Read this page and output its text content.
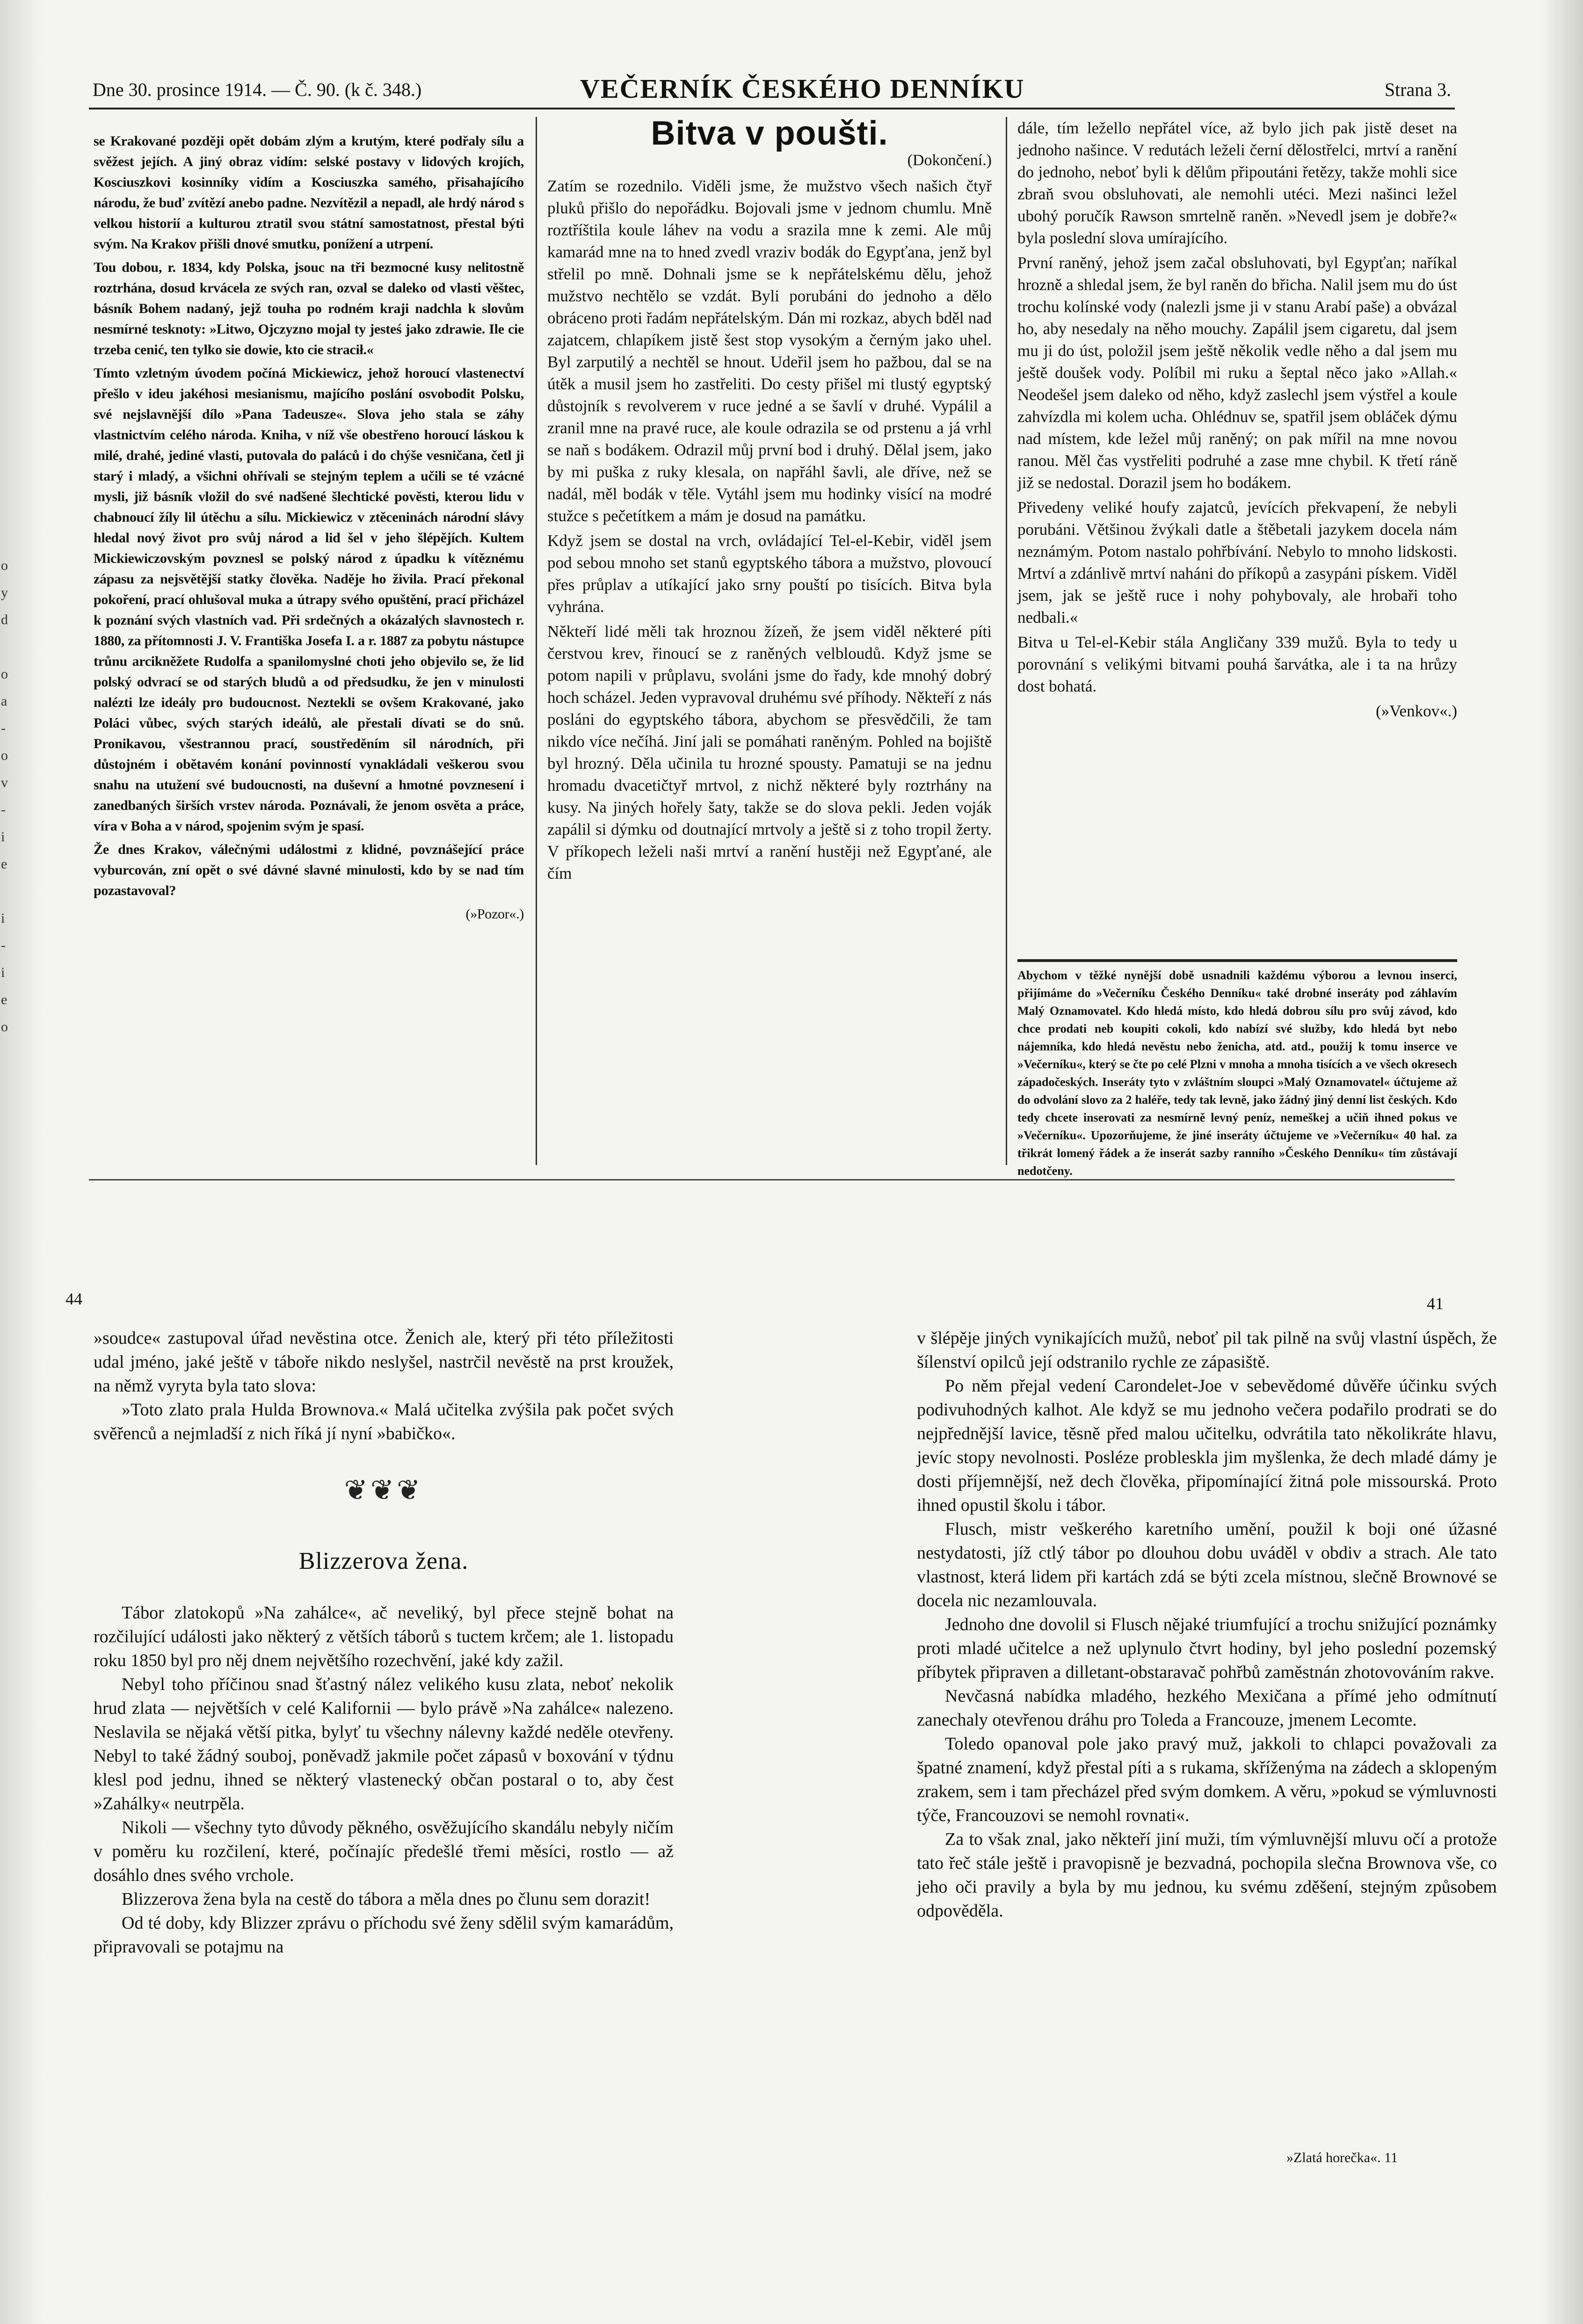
o
y
d

o
a
-
o
v
-
i
e

i
-
i
e
o
Dne 30. prosince 1914. — Č. 90. (k č. 348.)	VEČERNÍK ČESKÉHO DENNÍKU	Strana 3.

se Krakované později opět dobám zlým a krutým, které podřaly sílu a svěžest jejích. A jiný obraz vidím: selské postavy v lidových krojích, Kosciuszkovi kosinníky vidím a Kosciuszka samého, přisahajícího národu, že buď zvítězí anebo padne. Nezvítězil a nepadl, ale hrdý národ s velkou historií a kulturou ztratil svou státní samostatnost, přestal býti svým. Na Krakov přišli dnové smutku, ponížení a utrpení.

Tou dobou, r. 1834, kdy Polska, jsouc na tři bezmocné kusy nelitostně roztrhána, dosud krvácela ze svých ran, ozval se daleko od vlasti věštec, básník Bohem nadaný, jejž touha po rodném kraji nadchla k slovům nesmírné tesknoty: »Litwo, Ojczyzno mojal ty jesteś jako zdrawie. Ile cie trzeba cenić, ten tylko sie dowie, kto cie stracił.«

Tímto vzletným úvodem počíná Mickiewicz, jehož horoucí vlastenectví přešlo v ideu jakéhosi mesianismu, majícího poslání osvobodit Polsku, své nejslavnější dílo »Pana Tadeusze«. Slova jeho stala se záhy vlastnictvím celého národa. Kniha, v níž vše obestřeno horoucí láskou k milé, drahé, jediné vlasti, putovala do paláců i do chýše vesničana, četl ji starý i mladý, a všichni ohřívali se stejným teplem a učili se té vzácné mysli, již básník vložil do své nadšené šlechtické pověsti, kterou lidu v chabnoucí žíly lil útěchu a sílu. Mickiewicz v ztěceninách národní slávy hledal nový život pro svůj národ a lid šel v jeho šlépějích. Kultem Mickiewiczovským povznesl se polský národ z úpadku k vítěznému zápasu za nejsvětější statky člověka. Naděje ho živila. Prací překonal pokoření, prací ohlušoval muka a útrapy svého opuštění, prací přicházel k poznání svých vlastních vad. Při srdečných a okázalých slavnostech r. 1880, za přítomnosti J. V. Františka Josefa I. a r. 1887 za pobytu nástupce trůnu arcikněžete Rudolfa a spanilomyslné choti jeho objevilo se, že lid polský odvrací se od starých bludů a od předsudku, že jen v minulosti nalézti lze ideály pro budoucnost. Neztekli se ovšem Krakované, jako Poláci vůbec, svých starých ideálů, ale přestali dívati se do snů. Pronikavou, všestrannou prací, soustředěním sil národních, při důstojném i obětavém konání povinností vynakládali veškerou svou snahu na utužení své budoucnosti, na duševní a hmotné povznesení i zanedbaných širších vrstev národa. Poznávali, že jenom osvěta a práce, víra v Boha a v národ, spojenim svým je spasí.

Že dnes Krakov, válečnými událostmi z klidné, povznášející práce vyburcován, zní opět o své dávné slavné minulosti, kdo by se nad tím pozastavoval?

(»Pozor«.)

Bitva v poušti.
(Dokončení.)

Zatím se rozednilo. Viděli jsme, že mužstvo všech našich čtyř pluků přišlo do nepořádku. Bojovali jsme v jednom chumlu. Mně roztříštila koule láhev na vodu a srazila mne k zemi. Ale můj kamarád mne na to hned zvedl vraziv bodák do Egypťana, jenž byl střelil po mně. Dohnali jsme se k nepřátelskému dělu, jehož mužstvo nechtělo se vzdát. Byli porubáni do jednoho a dělo obráceno proti řadám nepřátelským. Dán mi rozkaz, abych bděl nad zajatcem, chlapíkem jistě šest stop vysokým a černým jako uhel. Byl zarputilý a nechtěl se hnout. Udeřil jsem ho pažbou, dal se na útěk a musil jsem ho zastřeliti. Do cesty přišel mi tlustý egyptský důstojník s revolverem v ruce jedné a se šavlí v druhé. Vypálil a zranil mne na pravé ruce, ale koule odrazila se od prstenu a já vrhl se naň s bodákem. Odrazil můj první bod i druhý. Dělal jsem, jako by mi puška z ruky klesala, on napřáhl šavli, ale dříve, než se nadál, měl bodák v těle. Vytáhl jsem mu hodinky visící na modré stužce s pečetítkem a mám je dosud na památku.

Když jsem se dostal na vrch, ovládající Tel-el-Kebir, viděl jsem pod sebou mnoho set stanů egyptského tábora a mužstvo, plovoucí přes průplav a utíkající jako srny pouští po tisících. Bitva byla vyhrána.

Někteří lidé měli tak hroznou žízeň, že jsem viděl některé píti čerstvou krev, řinoucí se z raněných velbloudů. Když jsme se potom napili v průplavu, svoláni jsme do řady, kde mnohý dobrý hoch scházel. Jeden vypravoval druhému své příhody. Někteří z nás posláni do egyptského tábora, abychom se přesvědčili, že tam nikdo více nečíhá. Jiní jali se pomáhati raněným. Pohled na bojiště byl hrozný. Děla učinila tu hrozné spousty. Pamatuji se na jednu hromadu dvacetičtyř mrtvol, z nichž některé byly roztrhány na kusy. Na jiných hořely šaty, takže se do slova pekli. Jeden voják zapálil si dýmku od doutnající mrtvoly a ještě si z toho tropil žerty. V příkopech leželi naši mrtví a ranění hustěji než Egypťané, ale čím

dále, tím ležello nepřátel více, až bylo jich pak jistě deset na jednoho našince. V redutách leželi černí dělostřelci, mrtví a ranění do jednoho, neboť byli k dělům připoutáni řetězy, takže mohli sice zbraň svou obsluhovati, ale nemohli utéci. Mezi našinci ležel ubohý poručík Rawson smrtelně raněn. »Nevedl jsem je dobře?« byla poslední slova umírajícího.

První raněný, jehož jsem začal obsluhovati, byl Egypťan; naříkal hrozně a shledal jsem, že byl raněn do břicha. Nalil jsem mu do úst trochu kolínské vody (nalezli jsme ji v stanu Arabí paše) a obvázal ho, aby nesedaly na něho mouchy. Zapálil jsem cigaretu, dal jsem mu ji do úst, položil jsem ještě několik vedle něho a dal jsem mu ještě doušek vody. Políbil mi ruku a šeptal něco jako »Allah.« Neodešel jsem daleko od něho, když zaslechl jsem výstřel a koule zahvízdla mi kolem ucha. Ohlédnuv se, spatřil jsem obláček dýmu nad místem, kde ležel můj raněný; on pak mířil na mne novou ranou. Měl čas vystřeliti podruhé a zase mne chybil. K třetí ráně již se nedostal. Dorazil jsem ho bodákem.

Přivedeny veliké houfy zajatců, jevících překvapení, že nebyli porubáni. Většinou žvýkali datle a štěbetali jazykem docela nám neznámým. Potom nastalo pohřbívání. Nebylo to mnoho lidskosti. Mrtví a zdánlivě mrtví naháni do příkopů a zasypáni pískem. Viděl jsem, jak se ještě ruce i nohy pohybovaly, ale hrobaři toho nedbali.«

Bitva u Tel-el-Kebir stála Angličany 339 mužů. Byla to tedy u porovnání s velikými bitvami pouhá šarvátka, ale i ta na hrůzy dost bohatá.

(»Venkov«.)

Abychom v těžké nynější době usnadnili každému výborou a levnou inserci, přijímáme do »Večerníku Českého Denníku« také drobné inseráty pod záhlavím Malý Oznamovatel. Kdo hledá místo, kdo hledá dobrou sílu pro svůj závod, kdo chce prodati neb koupiti cokoli, kdo nabízí své služby, kdo hledá byt nebo nájemníka, kdo hledá nevěstu nebo ženicha, atd. atd., použij k tomu inserce ve »Večerníku«, který se čte po celé Plzni v mnoha a mnoha tisících a ve všech okresech západočeských. Inseráty tyto v zvláštním sloupci »Malý Oznamovatel« účtujeme až do odvolání slovo za 2 haléře, tedy tak levně, jako žádný jiný denní list českých. Kdo tedy chcete inserovati za nesmírně levný peníz, nemeškej a učiň ihned pokus ve »Večerníku«. Upozorňujeme, že jiné inseráty účtujeme ve »Večerníku« 40 hal. za třikrát lomený řádek a že inserát sazby ranního »Českého Denníku« tím zůstávají nedotčeny.
44	41

»soudce« zastupoval úřad nevěstina otce. Ženich ale, který při této příležitosti udal jméno, jaké ještě v táboře nikdo neslyšel, nastrčil nevěstě na prst kroužek, na němž vyryta byla tato slova:

»Toto zlato prala Hulda Brownova.« Malá učitelka zvýšila pak počet svých svěřenců a nejmladší z nich říká jí nyní »babičko«.

❦❦❦
Blizzerova žena.

Tábor zlatokopů »Na zahálce«, ač neveliký, byl přece stejně bohat na rozčilující události jako některý z větších táborů s tuctem krčem; ale 1. listopadu roku 1850 byl pro něj dnem největšího rozechvění, jaké kdy zažil.

Nebyl toho příčinou snad šťastný nález velikého kusu zlata, neboť nekolik hrud zlata — největších v celé Kalifornii — bylo právě »Na zahálce« nalezeno. Neslavila se nějaká větší pitka, bylyť tu všechny nálevny každé neděle otevřeny. Nebyl to také žádný souboj, poněvadž jakmile počet zápasů v boxování v týdnu klesl pod jednu, ihned se některý vlastenecký občan postaral o to, aby čest »Zahálky« neutrpěla.

Nikoli — všechny tyto důvody pěkného, osvěžujícího skandálu nebyly ničím v poměru ku rozčilení, které, počínajíc předešlé třemi měsíci, rostlo — až dosáhlo dnes svého vrchole.

Blizzerova žena byla na cestě do tábora a měla dnes po člunu sem dorazit!

Od té doby, kdy Blizzer zprávu o příchodu své ženy sdělil svým kamarádům, připravovali se potajmu na

v šlépěje jiných vynikajících mužů, neboť pil tak pilně na svůj vlastní úspěch, že šílenství opilců její odstranilo rychle ze zápasiště.

Po něm přejal vedení Carondelet-Joe v sebevědomé důvěře účinku svých podivuhodných kalhot. Ale když se mu jednoho večera podařilo prodrati se do nejpřednější lavice, těsně před malou učitelku, odvrátila tato několikráte hlavu, jevíc stopy nevolnosti. Posléze probleskla jim myšlenka, že dech mladé dámy je dosti příjemnější, než dech člověka, připomínající žitná pole missourská. Proto ihned opustil školu i tábor.

Flusch, mistr veškerého karetního umění, použil k boji oné úžasné nestydatosti, jíž ctlý tábor po dlouhou dobu uváděl v obdiv a strach. Ale tato vlastnost, která lidem při kartách zdá se býti zcela místnou, slečně Brownové se docela nic nezamlouvala.

Jednoho dne dovolil si Flusch nějaké triumfující a trochu snižující poznámky proti mladé učitelce a než uplynulo čtvrt hodiny, byl jeho poslední pozemský příbytek připraven a dilletant-obstaravač pohřbů zaměstnán zhotovováním rakve.

Nevčasná nabídka mladého, hezkého Mexičana a přímé jeho odmítnutí zanechaly otevřenou dráhu pro Toleda a Francouze, jmenem Lecomte.

Toledo opanoval pole jako pravý muž, jakkoli to chlapci považovali za špatné znamení, když přestal píti a s rukama, skříženýma na zádech a sklopeným zrakem, sem i tam přecházel před svým domkem. A věru, »pokud se výmluvnosti týče, Francouzovi se nemohl rovnati«.

Za to však znal, jako někteří jiní muži, tím výmluvnější mluvu očí a protože tato řeč stále ještě i pravopisně je bezvadná, pochopila slečna Brownova vše, co jeho oči pravily a byla by mu jednou, ku svému zděšení, stejným způsobem odpověděla.

»Zlatá horečka«. 11
